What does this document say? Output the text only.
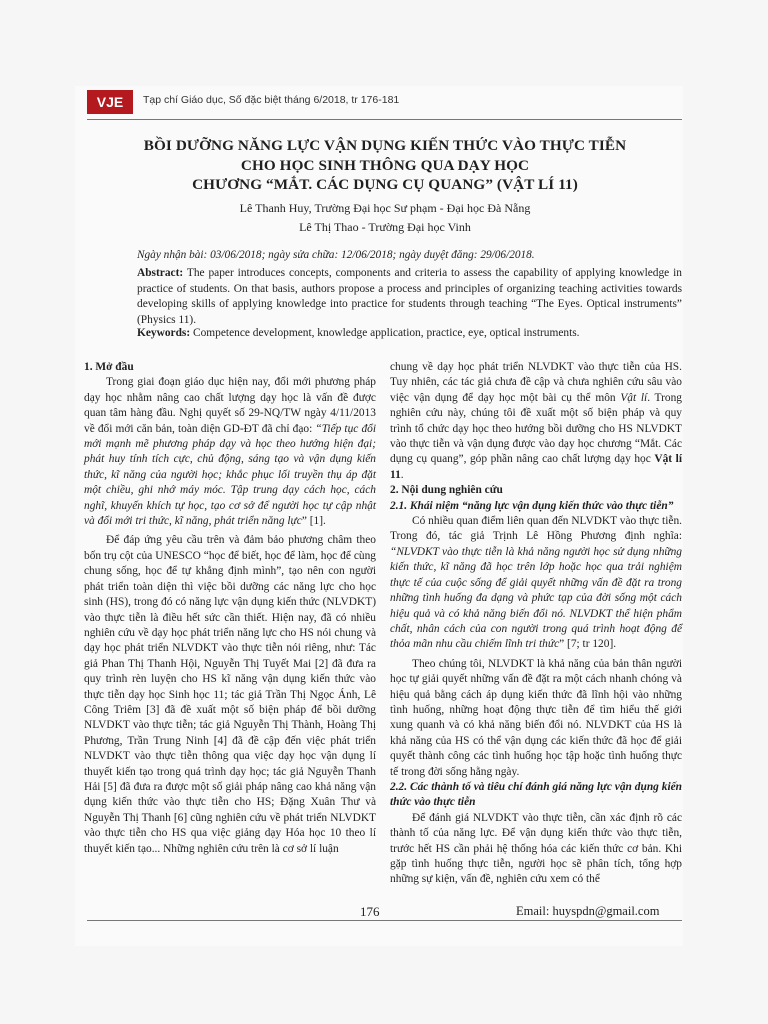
VJE	Tạp chí Giáo dục, Số đặc biệt tháng 6/2018, tr 176-181
BỒI DƯỠNG NĂNG LỰC VẬN DỤNG KIẾN THỨC VÀO THỰC TIỄN
CHO HỌC SINH THÔNG QUA DẠY HỌC
CHƯƠNG “MẮT. CÁC DỤNG CỤ QUANG” (VẬT LÍ 11)
Lê Thanh Huy, Trường Đại học Sư phạm - Đại học Đà Nẵng
Lê Thị Thao - Trường Đại học Vinh
Ngày nhận bài: 03/06/2018; ngày sửa chữa: 12/06/2018; ngày duyệt đăng: 29/06/2018.
Abstract: The paper introduces concepts, components and criteria to assess the capability of applying knowledge in practice of students. On that basis, authors propose a process and principles of organizing teaching activities towards developing skills of applying knowledge into practice for students through teaching “The Eyes. Optical instruments” (Physics 11).
Keywords: Competence development, knowledge application, practice, eye, optical instruments.

1. Mở đầu

Trong giai đoạn giáo dục hiện nay, đổi mới phương pháp dạy học nhằm nâng cao chất lượng dạy học là vấn đề được quan tâm hàng đầu. Nghị quyết số 29-NQ/TW ngày 4/11/2013 về đổi mới căn bản, toàn diện GD-ĐT đã chỉ đạo: “Tiếp tục đổi mới mạnh mẽ phương pháp dạy và học theo hướng hiện đại; phát huy tính tích cực, chủ động, sáng tạo và vận dụng kiến thức, kĩ năng của người học; khắc phục lối truyền thụ áp đặt một chiều, ghi nhớ máy móc. Tập trung dạy cách học, cách nghĩ, khuyến khích tự học, tạo cơ sở để người học tự cập nhật và đổi mới tri thức, kĩ năng, phát triển năng lực” [1].

Để đáp ứng yêu cầu trên và đảm bảo phương châm theo bốn trụ cột của UNESCO “học để biết, học để làm, học để cùng chung sống, học để tự khẳng định mình”, tạo nên con người phát triển toàn diện thì việc bồi dưỡng các năng lực cho học sinh (HS), trong đó có năng lực vận dụng kiến thức (NLVDKT) vào thực tiễn là điều hết sức cần thiết. Hiện nay, đã có nhiều nghiên cứu về dạy học phát triển năng lực cho HS nói chung và dạy học phát triển NLVDKT vào thực tiễn nói riêng, như: Tác giả Phan Thị Thanh Hội, Nguyễn Thị Tuyết Mai [2] đã đưa ra quy trình rèn luyện cho HS kĩ năng vận dụng kiến thức vào thực tiễn dạy học Sinh học 11; tác giả Trần Thị Ngọc Ánh, Lê Công Triêm [3] đã đề xuất một số biện pháp để bồi dưỡng NLVDKT vào thực tiễn; tác giả Nguyễn Thị Thành, Hoàng Thị Phương, Trần Trung Ninh [4] đã đề cập đến việc phát triển NLVDKT vào thực tiễn thông qua việc dạy học vận dụng lí thuyết kiến tạo trong quá trình dạy học; tác giả Nguyễn Thanh Hải [5] đã đưa ra được một số giải pháp nâng cao khả năng vận dụng kiến thức vào thực tiễn cho HS; Đặng Xuân Thư và Nguyễn Thị Thanh [6] cũng nghiên cứu về phát triển NLVDKT vào thực tiễn cho HS qua việc giảng dạy Hóa học 10 theo lí thuyết kiến tạo... Những nghiên cứu trên là cơ sở lí luận

chung về dạy học phát triển NLVDKT vào thực tiễn của HS. Tuy nhiên, các tác giả chưa đề cập và chưa nghiên cứu sâu vào việc vận dụng để dạy học một bài cụ thể môn Vật lí. Trong nghiên cứu này, chúng tôi đề xuất một số biện pháp và quy trình tổ chức dạy học theo hướng bồi dưỡng cho HS NLVDKT vào thực tiễn và vận dụng được vào dạy học chương “Mắt. Các dụng cụ quang”, góp phần nâng cao chất lượng dạy học Vật lí 11.

2. Nội dung nghiên cứu

2.1. Khái niệm “năng lực vận dụng kiến thức vào thực tiễn”

Có nhiều quan điểm liên quan đến NLVDKT vào thực tiễn. Trong đó, tác giả Trịnh Lê Hồng Phương định nghĩa: “NLVDKT vào thực tiễn là khả năng người học sử dụng những kiến thức, kĩ năng đã học trên lớp hoặc học qua trải nghiệm thực tế của cuộc sống để giải quyết những vấn đề đặt ra trong những tình huống đa dạng và phức tạp của đời sống một cách hiệu quả và có khả năng biến đổi nó. NLVDKT thể hiện phẩm chất, nhân cách của con người trong quá trình hoạt động để thỏa mãn nhu cầu chiếm lĩnh tri thức” [7; tr 120].

Theo chúng tôi, NLVDKT là khả năng của bản thân người học tự giải quyết những vấn đề đặt ra một cách nhanh chóng và hiệu quả bằng cách áp dụng kiến thức đã lĩnh hội vào những tình huống, những hoạt động thực tiễn để tìm hiểu thế giới xung quanh và có khả năng biến đổi nó. NLVDKT của HS là khả năng của HS có thể vận dụng các kiến thức đã học để giải quyết thành công các tình huống học tập hoặc tình huống thực tế trong đời sống hằng ngày.

2.2. Các thành tố và tiêu chí đánh giá năng lực vận dụng kiến thức vào thực tiễn

Để đánh giá NLVDKT vào thực tiễn, cần xác định rõ các thành tố của năng lực. Để vận dụng kiến thức vào thực tiễn, trước hết HS cần phải hệ thống hóa các kiến thức cơ bản. Khi gặp tình huống thực tiễn, người học sẽ phân tích, tổng hợp những sự kiện, vấn đề, nghiên cứu xem có thể

176	Email: huyspdn@gmail.com
